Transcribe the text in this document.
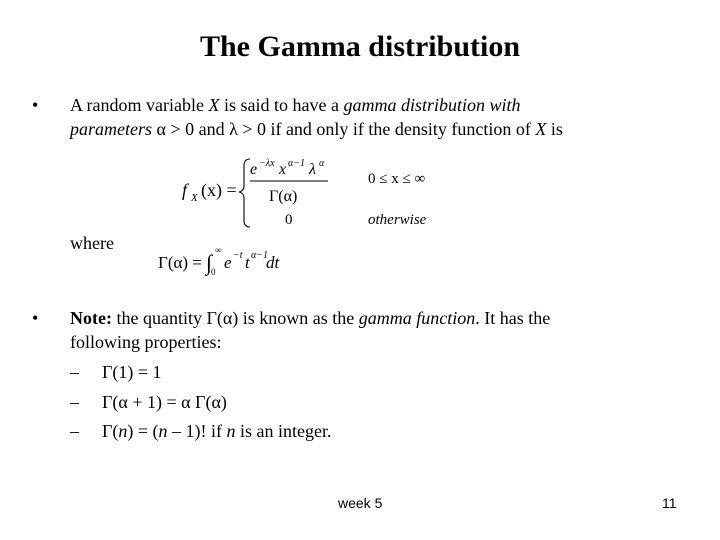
The Gamma distribution
• A random variable X is said to have a gamma distribution with
parameters α > 0 and λ > 0 if and only if the density function of X is
f X (x) =
e −λx x α−1 λ α
Γ(α)
0 ≤ x ≤ ∞
0	otherwise
where
Γ(α) = ∫ ∞
0 e −t t α−1
dt
• Note: the quantity Γ(α) is known as the gamma function. It has the
following properties:
– Γ(1) = 1
– Γ(α + 1) = α Γ(α)
– Γ(n) = (n – 1)! if n is an integer.
week 5	11
